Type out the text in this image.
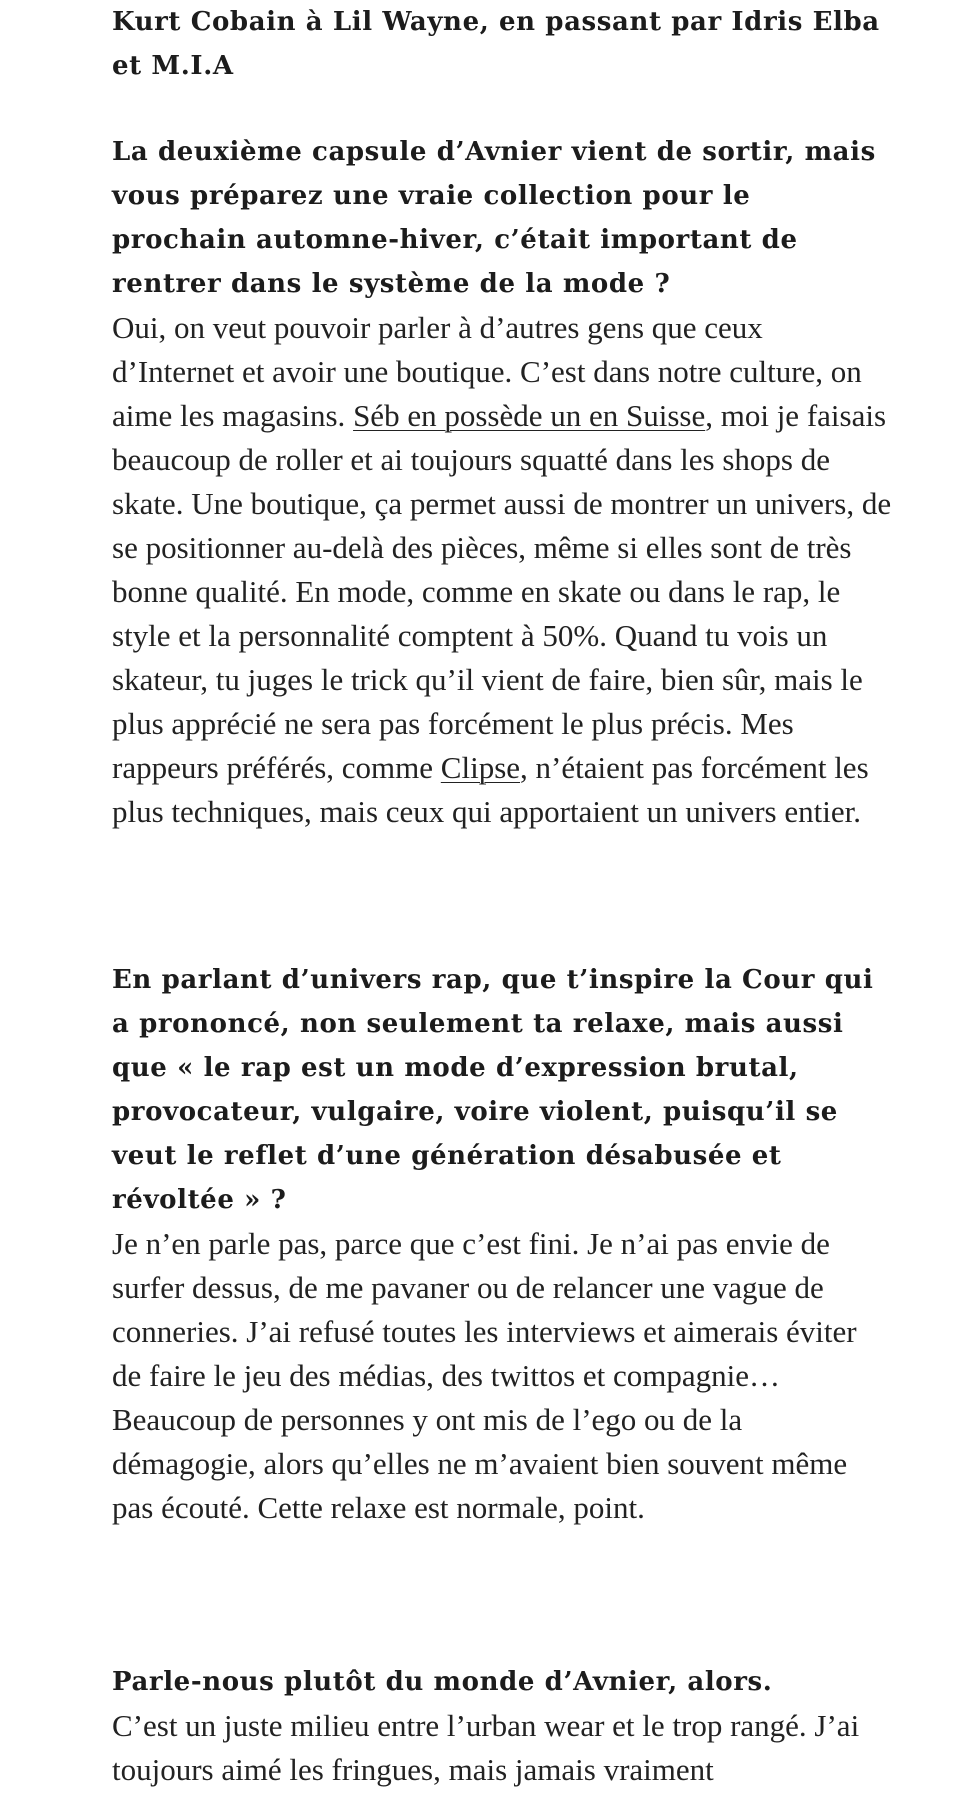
Kurt Cobain à Lil Wayne, en passant par Idris Elba et M.I.A

La deuxième capsule d’Avnier vient de sortir, mais vous préparez une vraie collection pour le prochain automne-hiver, c’était important de rentrer dans le système de la mode ?

Oui, on veut pouvoir parler à d’autres gens que ceux d’Internet et avoir une boutique. C’est dans notre culture, on aime les magasins. Séb en possède un en Suisse, moi je faisais beaucoup de roller et ai toujours squatté dans les shops de skate. Une boutique, ça permet aussi de montrer un univers, de se positionner au-delà des pièces, même si elles sont de très bonne qualité. En mode, comme en skate ou dans le rap, le style et la personnalité comptent à 50%. Quand tu vois un skateur, tu juges le trick qu’il vient de faire, bien sûr, mais le plus apprécié ne sera pas forcément le plus précis. Mes rappeurs préférés, comme Clipse, n’étaient pas forcément les plus techniques, mais ceux qui apportaient un univers entier.

En parlant d’univers rap, que t’inspire la Cour qui a prononcé, non seulement ta relaxe, mais aussi que « le rap est un mode d’expression brutal, provocateur, vulgaire, voire violent, puisqu’il se veut le reflet d’une génération désabusée et révoltée » ?

Je n’en parle pas, parce que c’est fini. Je n’ai pas envie de surfer dessus, de me pavaner ou de relancer une vague de conneries. J’ai refusé toutes les interviews et aimerais éviter de faire le jeu des médias, des twittos et compagnie… Beaucoup de personnes y ont mis de l’ego ou de la démagogie, alors qu’elles ne m’avaient bien souvent même pas écouté. Cette relaxe est normale, point.

Parle-nous plutôt du monde d’Avnier, alors.

C’est un juste milieu entre l’urban wear et le trop rangé. J’ai toujours aimé les fringues, mais jamais vraiment
